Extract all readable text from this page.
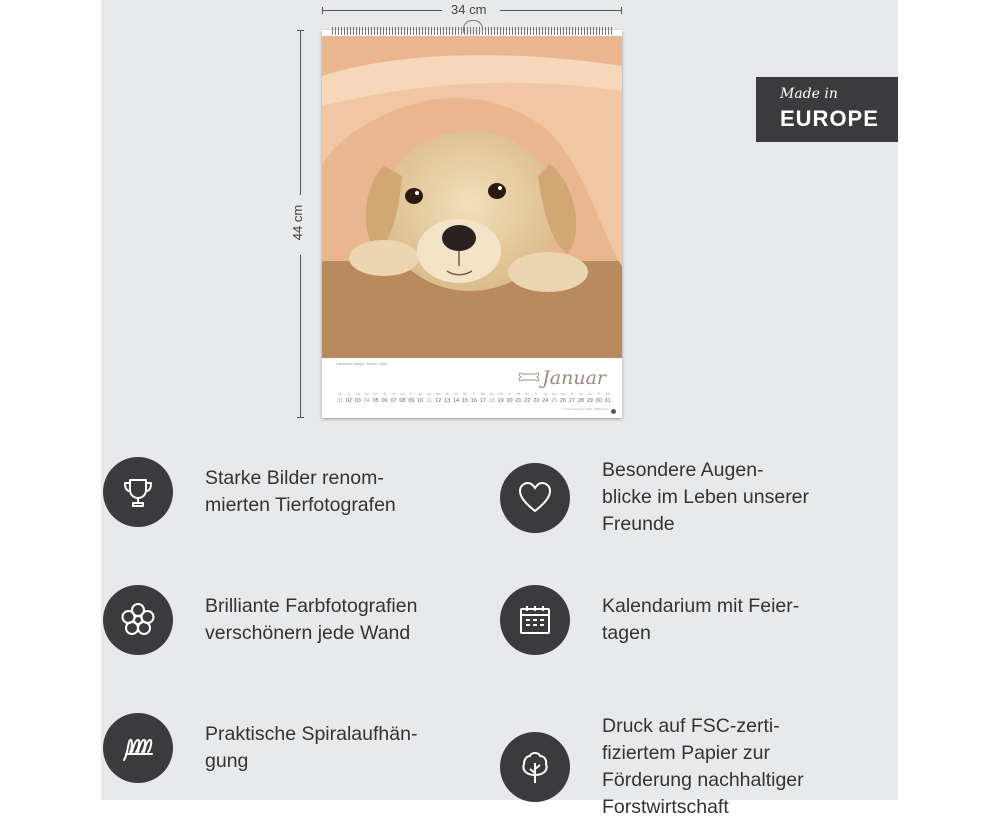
34 cm
44 cm
Labrador-Welpe, Bernd Jöns
Januar
di
01
fr
02
sa
03
so
04
mo
05
di
06
mi
07
do
08
fr
09
sa
10
so
11
mo
12
di
13
mi
14
do
15
fr
16
sa
17
so
18
mo
19
di
20
mi
21
do
22
fr
23
sa
24
so
25
mo
26
di
27
mi
28
do
29
fr
30
sa
31
© Tiere Kalender 2026 · Bildrechte
Made in
EUROPE
Starke Bilder renom-
mierten Tierfotografen
Besondere Augen-
blicke im Leben unserer
Freunde
Brilliante Farbfotografien
verschönern jede Wand
Kalendarium mit Feier-
tagen
Praktische Spiralaufhän-
gung
Druck auf FSC-zerti-
fiziertem Papier zur
Förderung nachhaltiger
Forstwirtschaft
